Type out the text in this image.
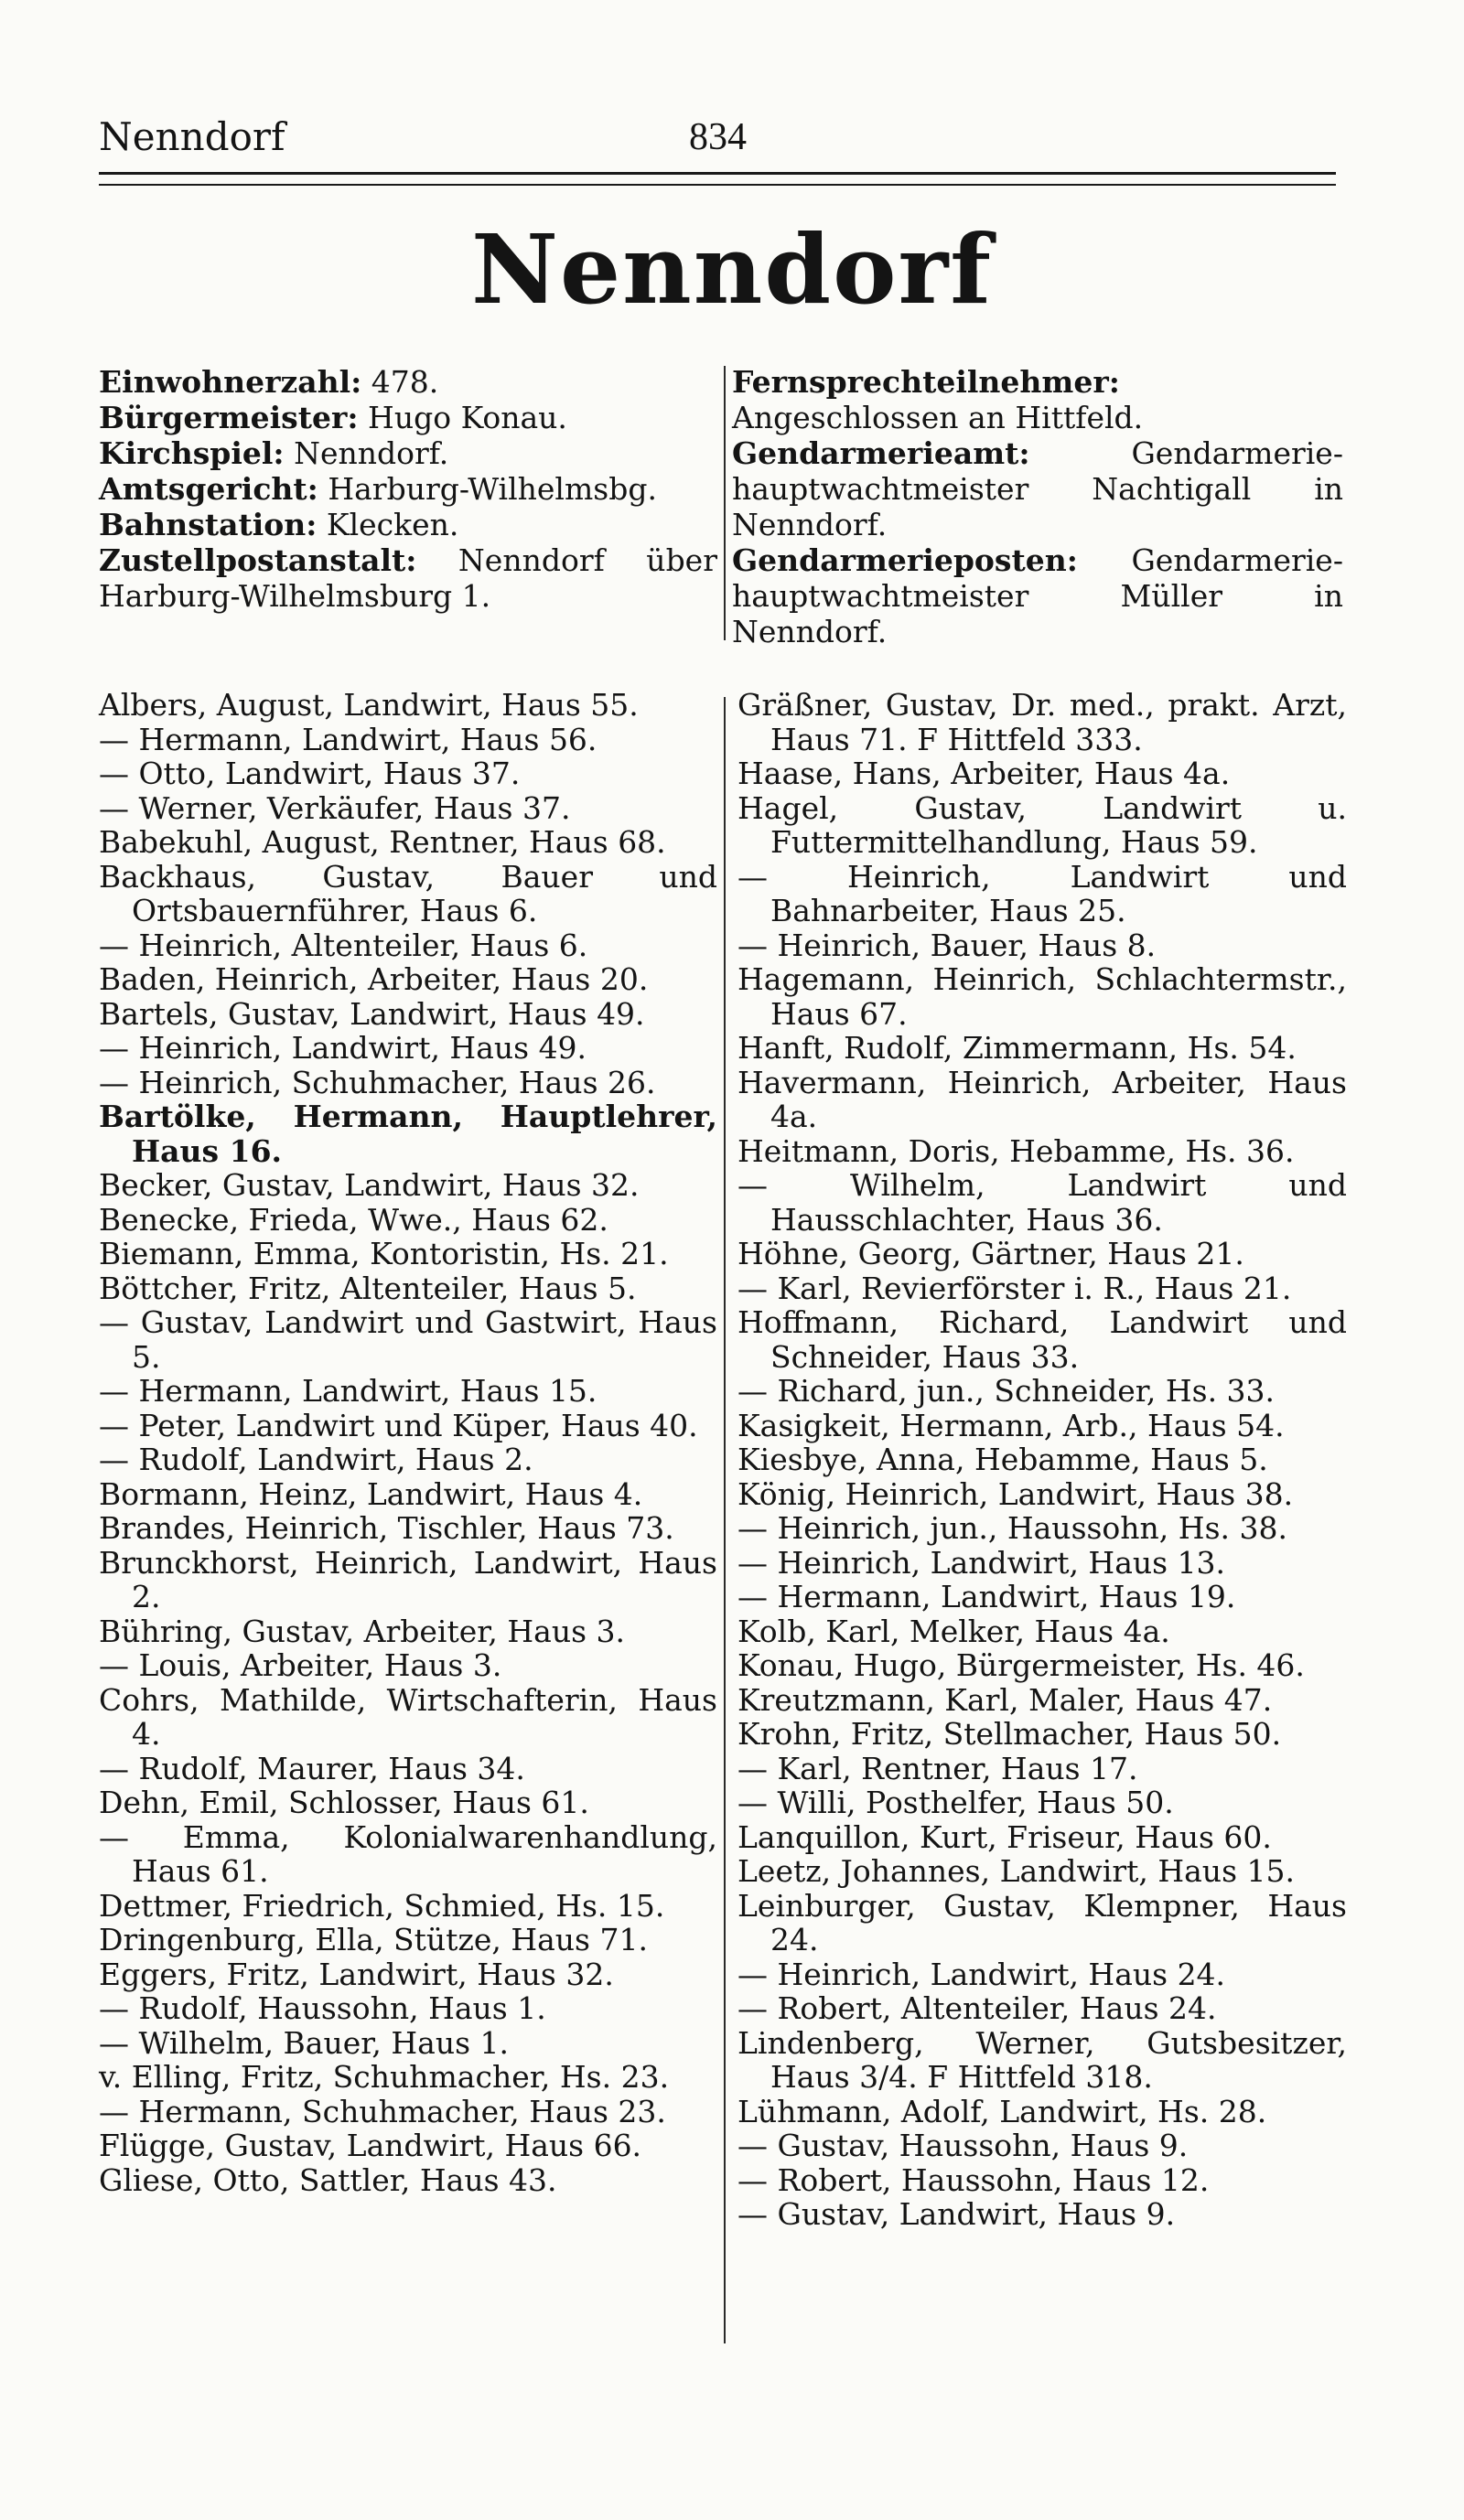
Nenndorf	834
Nenndorf
Einwohnerzahl: 478.
Bürgermeister: Hugo Konau.
Kirchspiel: Nenndorf.
Amtsgericht: Harburg-Wilhelmsbg.
Bahnstation: Klecken.
Zustellpostanstalt: Nenndorf über Harburg-Wilhelmsburg 1.
Fernsprechteilnehmer: Angeschlossen an Hittfeld.
Gendarmerieamt: Gendarmerie-hauptwachtmeister Nachtigall in Nenndorf.
Gendarmerieposten: Gendarmerie-hauptwachtmeister Müller in Nenndorf.
Albers, August, Landwirt, Haus 55.
— Hermann, Landwirt, Haus 56.
— Otto, Landwirt, Haus 37.
— Werner, Verkäufer, Haus 37.
Babekuhl, August, Rentner, Haus 68.
Backhaus, Gustav, Bauer und Ortsbauernführer, Haus 6.
— Heinrich, Altenteiler, Haus 6.
Baden, Heinrich, Arbeiter, Haus 20.
Bartels, Gustav, Landwirt, Haus 49.
— Heinrich, Landwirt, Haus 49.
— Heinrich, Schuhmacher, Haus 26.
Bartölke, Hermann, Hauptlehrer, Haus 16.
Becker, Gustav, Landwirt, Haus 32.
Benecke, Frieda, Wwe., Haus 62.
Biemann, Emma, Kontoristin, Hs. 21.
Böttcher, Fritz, Altenteiler, Haus 5.
— Gustav, Landwirt und Gastwirt, Haus 5.
— Hermann, Landwirt, Haus 15.
— Peter, Landwirt und Küper, Haus 40.
— Rudolf, Landwirt, Haus 2.
Bormann, Heinz, Landwirt, Haus 4.
Brandes, Heinrich, Tischler, Haus 73.
Brunckhorst, Heinrich, Landwirt, Haus 2.
Bühring, Gustav, Arbeiter, Haus 3.
— Louis, Arbeiter, Haus 3.
Cohrs, Mathilde, Wirtschafterin, Haus 4.
— Rudolf, Maurer, Haus 34.
Dehn, Emil, Schlosser, Haus 61.
— Emma, Kolonialwarenhandlung, Haus 61.
Dettmer, Friedrich, Schmied, Hs. 15.
Dringenburg, Ella, Stütze, Haus 71.
Eggers, Fritz, Landwirt, Haus 32.
— Rudolf, Haussohn, Haus 1.
— Wilhelm, Bauer, Haus 1.
v. Elling, Fritz, Schuhmacher, Hs. 23.
— Hermann, Schuhmacher, Haus 23.
Flügge, Gustav, Landwirt, Haus 66.
Gliese, Otto, Sattler, Haus 43.
Gräßner, Gustav, Dr. med., prakt. Arzt, Haus 71. F Hittfeld 333.
Haase, Hans, Arbeiter, Haus 4a.
Hagel, Gustav, Landwirt u. Futtermittelhandlung, Haus 59.
— Heinrich, Landwirt und Bahnarbeiter, Haus 25.
— Heinrich, Bauer, Haus 8.
Hagemann, Heinrich, Schlachtermstr., Haus 67.
Hanft, Rudolf, Zimmermann, Hs. 54.
Havermann, Heinrich, Arbeiter, Haus 4a.
Heitmann, Doris, Hebamme, Hs. 36.
— Wilhelm, Landwirt und Hausschlachter, Haus 36.
Höhne, Georg, Gärtner, Haus 21.
— Karl, Revierförster i. R., Haus 21.
Hoffmann, Richard, Landwirt und Schneider, Haus 33.
— Richard, jun., Schneider, Hs. 33.
Kasigkeit, Hermann, Arb., Haus 54.
Kiesbye, Anna, Hebamme, Haus 5.
König, Heinrich, Landwirt, Haus 38.
— Heinrich, jun., Haussohn, Hs. 38.
— Heinrich, Landwirt, Haus 13.
— Hermann, Landwirt, Haus 19.
Kolb, Karl, Melker, Haus 4a.
Konau, Hugo, Bürgermeister, Hs. 46.
Kreutzmann, Karl, Maler, Haus 47.
Krohn, Fritz, Stellmacher, Haus 50.
— Karl, Rentner, Haus 17.
— Willi, Posthelfer, Haus 50.
Lanquillon, Kurt, Friseur, Haus 60.
Leetz, Johannes, Landwirt, Haus 15.
Leinburger, Gustav, Klempner, Haus 24.
— Heinrich, Landwirt, Haus 24.
— Robert, Altenteiler, Haus 24.
Lindenberg, Werner, Gutsbesitzer, Haus 3/4. F Hittfeld 318.
Lühmann, Adolf, Landwirt, Hs. 28.
— Gustav, Haussohn, Haus 9.
— Robert, Haussohn, Haus 12.
— Gustav, Landwirt, Haus 9.
